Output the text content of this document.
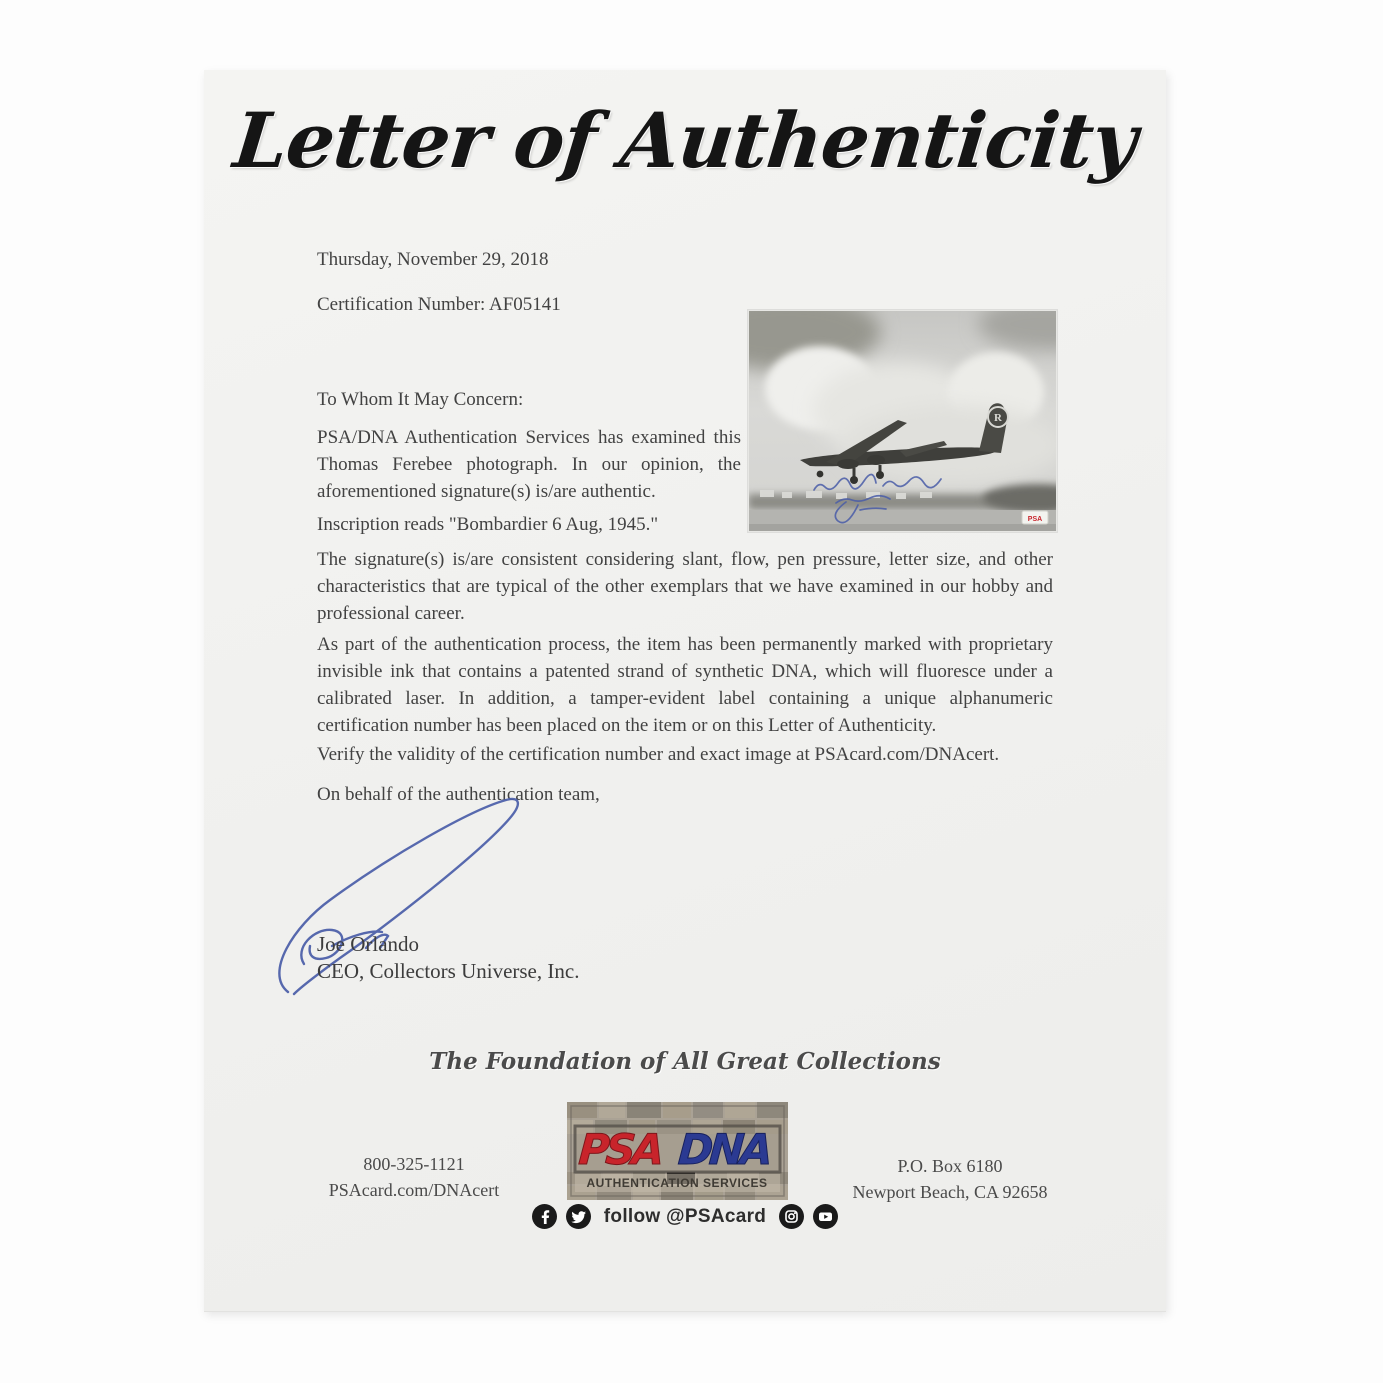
Letter of Authenticity
Thursday, November 29, 2018
Certification Number: AF05141
R
PSA
To Whom It May Concern:
PSA/DNA Authentication Services has examined this Thomas Ferebee photograph. In our opinion, the aforementioned signature(s) is/are authentic.
Inscription reads "Bombardier 6 Aug, 1945."
The signature(s) is/are consistent considering slant, flow, pen pressure, letter size, and other characteristics that are typical of the other exemplars that we have examined in our hobby and professional career.
As part of the authentication process, the item has been permanently marked with proprietary invisible ink that contains a patented strand of synthetic DNA, which will fluoresce under a calibrated laser. In addition, a tamper-evident label containing a unique alphanumeric certification number has been placed on the item or on this Letter of Authenticity.
Verify the validity of the certification number and exact image at PSAcard.com/DNAcert.
On behalf of the authentication team,
Joe Orlando
CEO, Collectors Universe, Inc.
The Foundation of All Great Collections
PSA DNA
AUTHENTICATION SERVICES
800-325-1121
PSAcard.com/DNAcert
P.O. Box 6180
Newport Beach, CA 92658
follow @PSAcard
